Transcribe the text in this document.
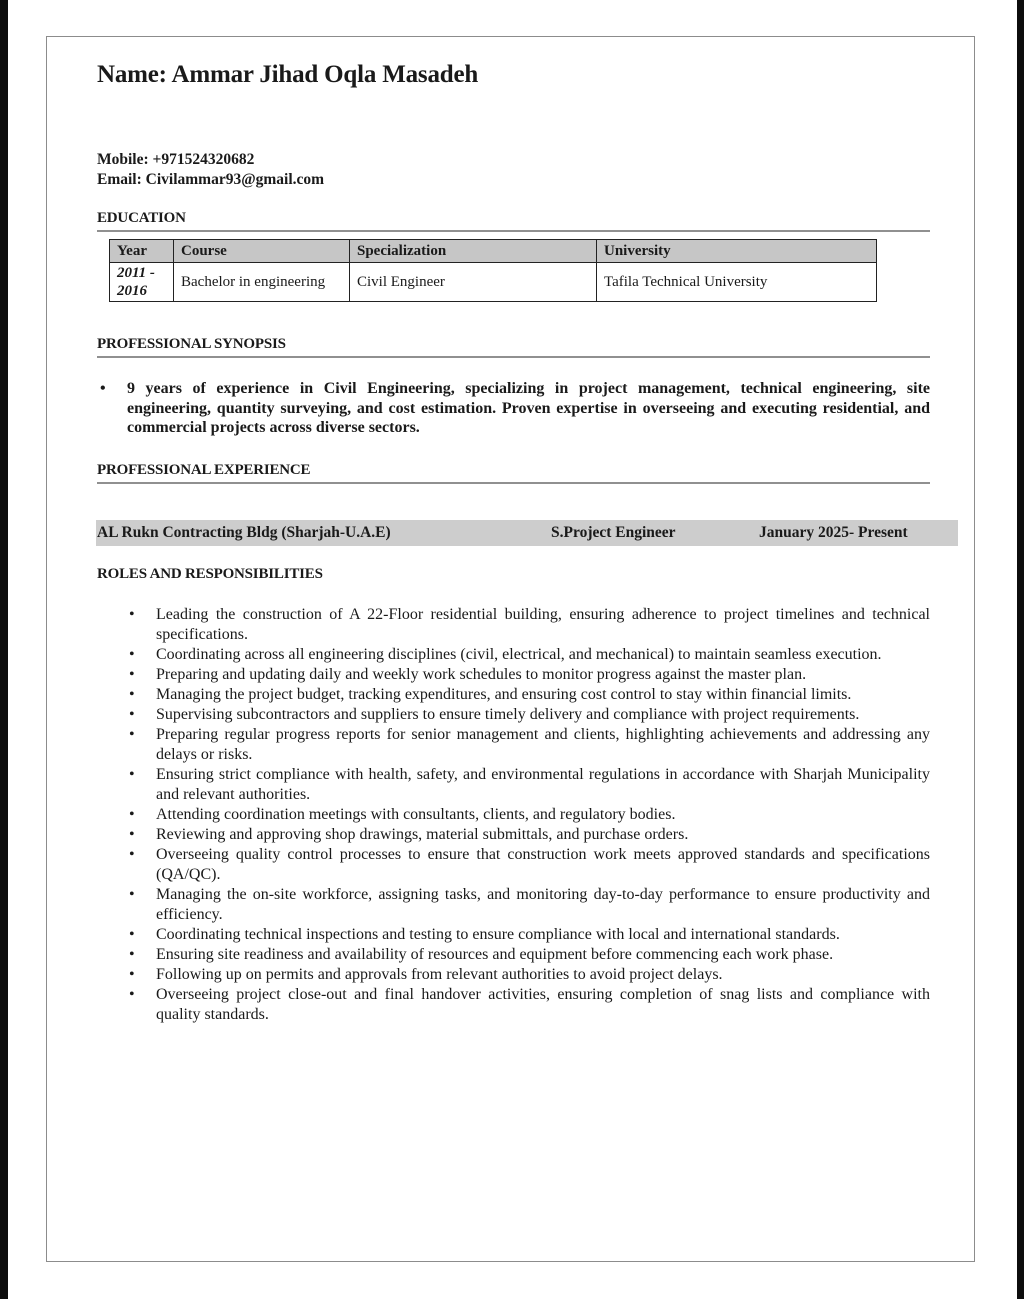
Name: Ammar Jihad Oqla Masadeh
Mobile: +971524320682
Email: Civilammar93@gmail.com
EDUCATION
Year	Course	Specialization	University
2011 - 2016	Bachelor in engineering	Civil Engineer	Tafila Technical University
PROFESSIONAL SYNOPSIS
• 9 years of experience in Civil Engineering, specializing in project management, technical engineering, site engineering, quantity surveying, and cost estimation. Proven expertise in overseeing and executing residential, and commercial projects across diverse sectors.
PROFESSIONAL EXPERIENCE
AL Rukn Contracting Bldg (Sharjah-U.A.E)	S.Project Engineer	January 2025- Present
ROLES AND RESPONSIBILITIES
• Leading the construction of A 22-Floor residential building, ensuring adherence to project timelines and technical specifications.
• Coordinating across all engineering disciplines (civil, electrical, and mechanical) to maintain seamless execution.
• Preparing and updating daily and weekly work schedules to monitor progress against the master plan.
• Managing the project budget, tracking expenditures, and ensuring cost control to stay within financial limits.
• Supervising subcontractors and suppliers to ensure timely delivery and compliance with project requirements.
• Preparing regular progress reports for senior management and clients, highlighting achievements and addressing any delays or risks.
• Ensuring strict compliance with health, safety, and environmental regulations in accordance with Sharjah Municipality and relevant authorities.
• Attending coordination meetings with consultants, clients, and regulatory bodies.
• Reviewing and approving shop drawings, material submittals, and purchase orders.
• Overseeing quality control processes to ensure that construction work meets approved standards and specifications (QA/QC).
• Managing the on-site workforce, assigning tasks, and monitoring day-to-day performance to ensure productivity and efficiency.
• Coordinating technical inspections and testing to ensure compliance with local and international standards.
• Ensuring site readiness and availability of resources and equipment before commencing each work phase.
• Following up on permits and approvals from relevant authorities to avoid project delays.
• Overseeing project close-out and final handover activities, ensuring completion of snag lists and compliance with quality standards.
